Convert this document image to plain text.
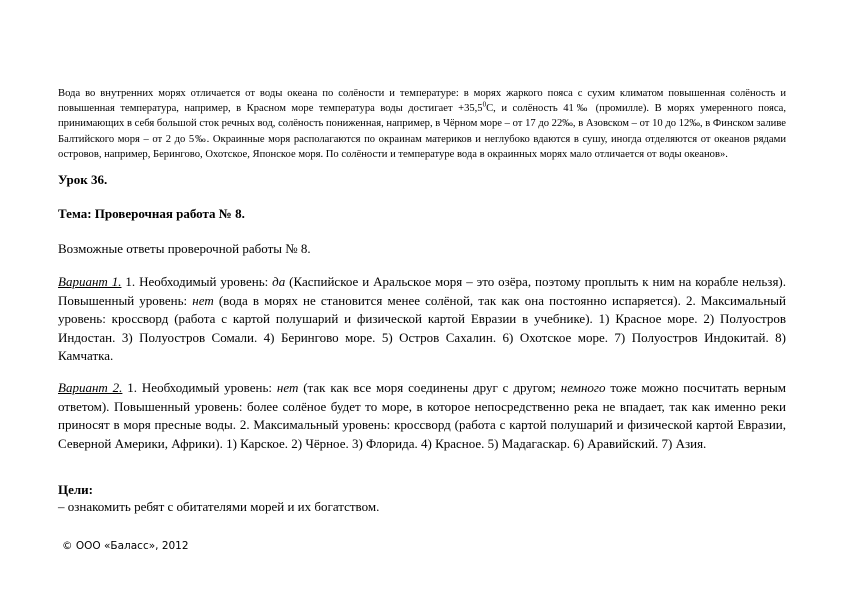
Вода во внутренних морях отличается от воды океана по солёности и температуре: в морях жаркого пояса с сухим климатом повышенная солёность и повышенная температура, например, в Красном море температура воды достигает $+35,5^0С$, и солёность 41‰ (промилле). В морях умеренного пояса, принимающих в себя большой сток речных вод, солёность пониженная, например, в Чёрном море – от 17 до 22‰, в Азовском – от 10 до 12‰, в Финском заливе Балтийского моря – от 2 до 5‰. Окраинные моря располагаются по окраинам материков и неглубоко вдаются в сушу, иногда отделяются от океанов рядами островов, например, Берингово, Охотское, Японское моря. По солёности и температуре вода в окраинных морях мало отличается от воды океанов».

Урок 36.

Тема: Проверочная работа № 8.

Возможные ответы проверочной работы № 8.

Вариант 1. 1. Необходимый уровень: да (Каспийское и Аральское моря – это озёра, поэтому проплыть к ним на корабле нельзя). Повышенный уровень: нет (вода в морях не становится менее солёной, так как она постоянно испаряется). 2. Максимальный уровень: кроссворд (работа с картой полушарий и физической картой Евразии в учебнике). 1) Красное море. 2) Полуостров Индостан. 3) Полуостров Сомали. 4) Берингово море. 5) Остров Сахалин. 6) Охотское море. 7) Полуостров Индокитай. 8) Камчатка.

Вариант 2. 1. Необходимый уровень: нет (так как все моря соединены друг с другом; немного тоже можно посчитать верным ответом). Повышенный уровень: более солёное будет то море, в которое непосредственно река не впадает, так как именно реки приносят в моря пресные воды. 2. Максимальный уровень: кроссворд (работа с картой полушарий и физической картой Евразии, Северной Америки, Африки). 1) Карское. 2) Чёрное. 3) Флорида. 4) Красное. 5) Мадагаскар. 6) Аравийский. 7) Азия.

Цели:

– ознакомить ребят с обитателями морей и их богатством.

© ООО «Баласс», 2012
